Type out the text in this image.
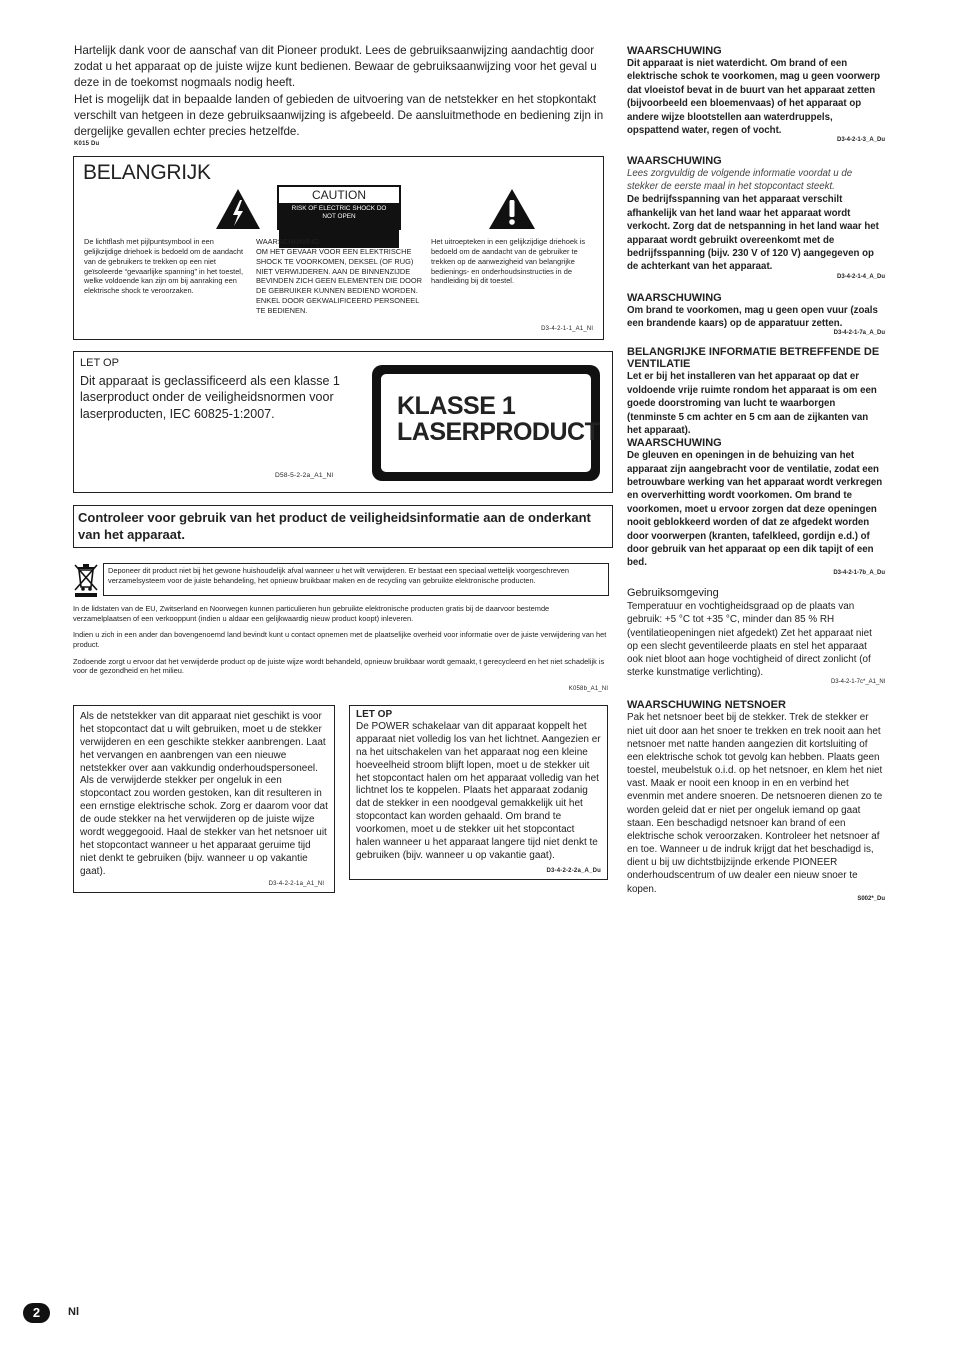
Hartelijk dank voor de aanschaf van dit Pioneer produkt. Lees de gebruiksaanwijzing aandachtig door zodat u het apparaat op de juiste wijze kunt bedienen. Bewaar de gebruiksaanwijzing voor het geval u deze in de toekomst nogmaals nodig heeft.

Het is mogelijk dat in bepaalde landen of gebieden de uitvoering van de netstekker en het stopkontakt verschilt van hetgeen in deze gebruiksaanwijzing is afgebeeld. De aansluitmethode en bediening zijn in dergelijke gevallen echter precies hetzelfde.

K015 Du
BELANGRIJK
CAUTION
RISK OF ELECTRIC SHOCK DO NOT OPEN
De lichtflash met pijlpuntsymbool in een gelijkzijdige driehoek is bedoeld om de aandacht van de gebruikers te trekken op een niet geïsoleerde “gevaarlijke spanning” in het toestel, welke voldoende kan zijn om bij aanraking een elektrische shock te veroorzaken.
WAARSCHUWING:
OM HET GEVAAR VOOR EEN ELEKTRISCHE SHOCK TE VOORKOMEN, DEKSEL (OF RUG) NIET VERWIJDEREN. AAN DE BINNENZIJDE BEVINDEN ZICH GEEN ELEMENTEN DIE DOOR DE GEBRUIKER KUNNEN BEDIEND WORDEN. ENKEL DOOR GEKWALIFICEERD PERSONEEL TE BEDIENEN.
Het uitroepteken in een gelijkzijdige driehoek is bedoeld om de aandacht van de gebruiker te trekken op de aanwezigheid van belangrijke bedienings- en onderhoudsinstructies in de handleiding bij dit toestel.
D3-4-2-1-1_A1_Nl
LET OP
Dit apparaat is geclassificeerd als een klasse 1 laserproduct onder de veiligheidsnormen voor laserproducten, IEC 60825-1:2007.
D58-5-2-2a_A1_Nl
KLASSE 1
LASERPRODUCT
Controleer voor gebruik van het product de veiligheidsinformatie aan de onderkant van het apparaat.
Deponeer dit product niet bij het gewone huishoudelijk afval wanneer u het wilt verwijderen. Er bestaat een speciaal wettelijk voorgeschreven verzamelsysteem voor de juiste behandeling, het opnieuw bruikbaar maken en de recycling van gebruikte elektronische producten.

In de lidstaten van de EU, Zwitserland en Noorwegen kunnen particulieren hun gebruikte elektronische producten gratis bij de daarvoor bestemde verzamelplaatsen of een verkooppunt (indien u aldaar een gelijkwaardig nieuw product koopt) inleveren.

Indien u zich in een ander dan bovengenoemd land bevindt kunt u contact opnemen met de plaatselijke overheid voor informatie over de juiste verwijdering van het product.

Zodoende zorgt u ervoor dat het verwijderde product op de juiste wijze wordt behandeld, opnieuw bruikbaar wordt gemaakt, t gerecycleerd en het niet schadelijk is voor de gezondheid en het milieu.

K058b_A1_Nl
Als de netstekker van dit apparaat niet geschikt is voor het stopcontact dat u wilt gebruiken, moet u de stekker verwijderen en een geschikte stekker aanbrengen. Laat het vervangen en aanbrengen van een nieuwe netstekker over aan vakkundig onderhoudspersoneel. Als de verwijderde stekker per ongeluk in een stopcontact zou worden gestoken, kan dit resulteren in een ernstige elektrische schok. Zorg er daarom voor dat de oude stekker na het verwijderen op de juiste wijze wordt weggegooid. Haal de stekker van het netsnoer uit het stopcontact wanneer u het apparaat geruime tijd niet denkt te gebruiken (bijv. wanneer u op vakantie gaat).
D3-4-2-2-1a_A1_Nl
LET OP
De POWER schakelaar van dit apparaat koppelt het apparaat niet volledig los van het lichtnet. Aangezien er na het uitschakelen van het apparaat nog een kleine hoeveelheid stroom blijft lopen, moet u de stekker uit het stopcontact halen om het apparaat volledig van het lichtnet los te koppelen. Plaats het apparaat zodanig dat de stekker in een noodgeval gemakkelijk uit het stopcontact kan worden gehaald. Om brand te voorkomen, moet u de stekker uit het stopcontact halen wanneer u het apparaat langere tijd niet denkt te gebruiken (bijv. wanneer u op vakantie gaat).
D3-4-2-2-2a_A_Du

WAARSCHUWING

Dit apparaat is niet waterdicht. Om brand of een elektrische schok te voorkomen, mag u geen voorwerp dat vloeistof bevat in de buurt van het apparaat zetten (bijvoorbeeld een bloemenvaas) of het apparaat op andere wijze blootstellen aan waterdruppels, opspattend water, regen of vocht.

D3-4-2-1-3_A_Du

WAARSCHUWING

Lees zorgvuldig de volgende informatie voordat u de stekker de eerste maal in het stopcontact steekt.

De bedrijfsspanning van het apparaat verschilt afhankelijk van het land waar het apparaat wordt verkocht. Zorg dat de netspanning in het land waar het apparaat wordt gebruikt overeenkomt met de bedrijfsspanning (bijv. 230 V of 120 V) aangegeven op de achterkant van het apparaat.

D3-4-2-1-4_A_Du

WAARSCHUWING

Om brand te voorkomen, mag u geen open vuur (zoals een brandende kaars) op de apparatuur zetten.

D3-4-2-1-7a_A_Du

BELANGRIJKE INFORMATIE BETREFFENDE DE VENTILATIE

Let er bij het installeren van het apparaat op dat er voldoende vrije ruimte rondom het apparaat is om een goede doorstroming van lucht te waarborgen (tenminste 5 cm achter en 5 cm aan de zijkanten van het apparaat).

WAARSCHUWING

De gleuven en openingen in de behuizing van het apparaat zijn aangebracht voor de ventilatie, zodat een betrouwbare werking van het apparaat wordt verkregen en oververhitting wordt voorkomen. Om brand te voorkomen, moet u ervoor zorgen dat deze openingen nooit geblokkeerd worden of dat ze afgedekt worden door voorwerpen (kranten, tafelkleed, gordijn e.d.) of door gebruik van het apparaat op een dik tapijt of een bed.

D3-4-2-1-7b_A_Du

Gebruiksomgeving

Temperatuur en vochtigheidsgraad op de plaats van gebruik: +5 °C tot +35 °C, minder dan 85 % RH (ventilatieopeningen niet afgedekt) Zet het apparaat niet op een slecht geventileerde plaats en stel het apparaat ook niet bloot aan hoge vochtigheid of direct zonlicht (of sterke kunstmatige verlichting).

D3-4-2-1-7c*_A1_Nl

WAARSCHUWING NETSNOER

Pak het netsnoer beet bij de stekker. Trek de stekker er niet uit door aan het snoer te trekken en trek nooit aan het netsnoer met natte handen aangezien dit kortsluiting of een elektrische schok tot gevolg kan hebben. Plaats geen toestel, meubelstuk o.i.d. op het netsnoer, en klem het niet vast. Maak er nooit een knoop in en en verbind het evenmin met andere snoeren. De netsnoeren dienen zo te worden geleid dat er niet per ongeluk iemand op gaat staan. Een beschadigd netsnoer kan brand of een elektrische schok veroorzaken. Kontroleer het netsnoer af en toe. Wanneer u de indruk krijgt dat het beschadigd is, dient u bij uw dichtstbijzijnde erkende PIONEER onderhoudscentrum of uw dealer een nieuw snoer te kopen.

S002*_Du
2	Nl
